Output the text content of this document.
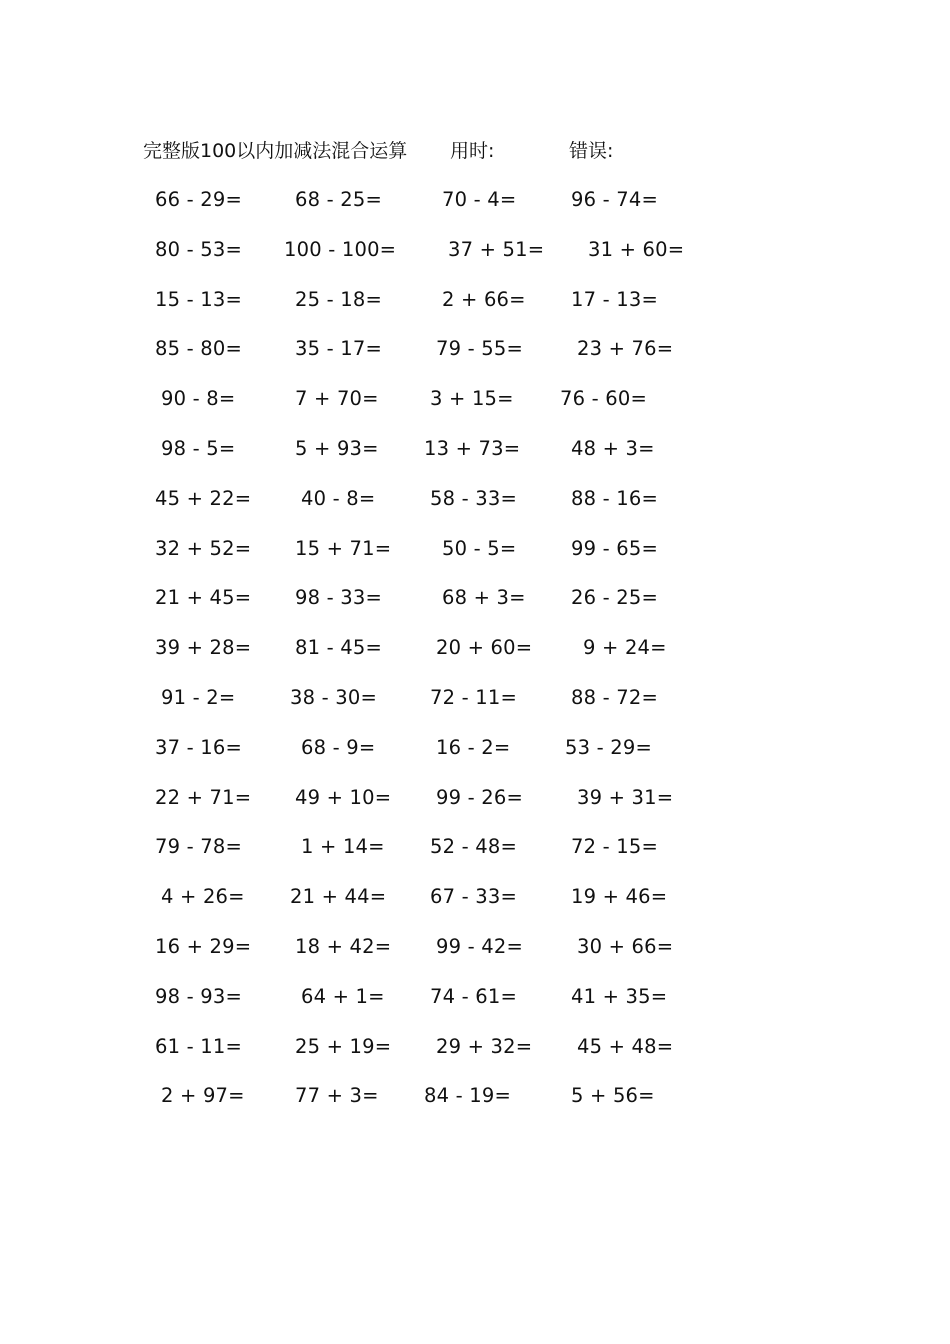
完整版100以内加减法混合运算 用时:	错误:
66 - 29=	68 - 25=	70 - 4=	96 - 74=
80 - 53= 100 - 100=	37 + 51= 31 + 60=
15 - 13=	25 - 18=	2 + 66= 17 - 13=
85 - 80=	35 - 17=	79 - 55=	23 + 76=
90 - 8=	7 + 70=	3 + 15= 76 - 60=
98 - 5=	5 + 93= 13 + 73=	48 + 3=
45 + 22=	40 - 8=	58 - 33=	88 - 16=
32 + 52= 15 + 71=	50 - 5=	99 - 65=
21 + 45= 98 - 33=	68 + 3= 26 - 25=
39 + 28= 81 - 45=	20 + 60=	9 + 24=
91 - 2=	38 - 30=	72 - 11=	88 - 72=
37 - 16=	68 - 9=	16 - 2=	53 - 29=
22 + 71= 49 + 10= 99 - 26=	39 + 31=
79 - 78=	1 + 14= 52 - 48=	72 - 15=
4 + 26= 21 + 44= 67 - 33=	19 + 46=
16 + 29= 18 + 42= 99 - 42=	30 + 66=
98 - 93=	64 + 1= 74 - 61=	41 + 35=
61 - 11=	25 + 19= 29 + 32= 45 + 48=
2 + 97=	77 + 3= 84 - 19=	5 + 56=
